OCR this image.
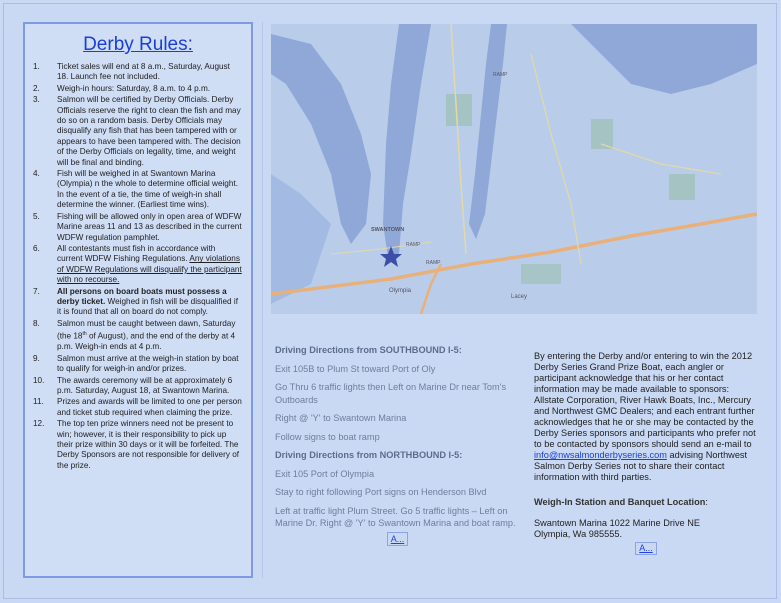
Derby Rules:
1. Ticket sales will end at 8 a.m., Saturday, August 18. Launch fee not included.
2. Weigh-in hours: Saturday, 8 a.m. to 4 p.m.
3. Salmon will be certified by Derby Officials. Derby Officials reserve the right to clean the fish and may do so on a random basis. Derby Officials may disqualify any fish that has been tampered with or appears to have been tampered with. The decision of the Derby Officials on legality, time, and weight will be final and binding.
4. Fish will be weighed in at Swantown Marina (Olympia) n the whole to determine official weight. In the event of a tie, the time of weigh-in shall determine the winner. (Earliest time wins).
5. Fishing will be allowed only in open area of WDFW Marine areas 11 and 13 as described in the current WDFW regulation pamphlet.
6. All contestants must fish in accordance with current WDFW Fishing Regulations. Any violations of WDFW Regulations will disqualify the participant with no recourse.
7. All persons on board boats must possess a derby ticket. Weighed in fish will be disqualified if it is found that all on board do not comply.
8. Salmon must be caught between dawn, Saturday (the 18th of August), and the end of the derby at 4 p.m. Weigh-in ends at 4 p.m.
9. Salmon must arrive at the weigh-in station by boat to qualify for weigh-in and/or prizes.
10. The awards ceremony will be at approximately 6 p.m. Saturday, August 18, at Swantown Marina.
11. Prizes and awards will be limited to one per person and ticket stub required when claiming the prize.
12. The top ten prize winners need not be present to win; however, it is their responsibility to pick up their prize within 30 days or it will be forfeited. The Derby Sponsors are not responsible for delivery of the prize.
SWANTOWN
RAMP
RAMP
RAMP
Olympia
Lacey

Driving Directions from SOUTHBOUND I-5:

Exit 105B to Plum St toward Port of Oly

Go Thru 6 traffic lights then Left on Marine Dr near Tom's Outboards

Right @ 'Y' to Swantown Marina

Follow signs to boat ramp

Driving Directions from NORTHBOUND I-5:

Exit 105 Port of Olympia

Stay to right following Port signs on Henderson Blvd

Left at traffic light Plum Street. Go 5 traffic lights – Left on Marine Dr. Right @ 'Y' to Swantown Marina and boat ramp.

A...

By entering the Derby and/or entering to win the 2012 Derby Series Grand Prize Boat, each angler or participant acknowledge that his or her contact information may be made available to sponsors: Allstate Corporation, River Hawk Boats, Inc., Mercury and Northwest GMC Dealers; and each entrant further acknowledges that he or she may be contacted by the Derby Series sponsors and participants who prefer not to be contacted by sponsors should send an e-mail to info@nwsalmonderbyseries.com advising Northwest Salmon Derby Series not to share their contact information with third parties.

Weigh-In Station and Banquet Location:

Swantown Marina 1022 Marine Drive NE

Olympia, Wa 985555.

A...
